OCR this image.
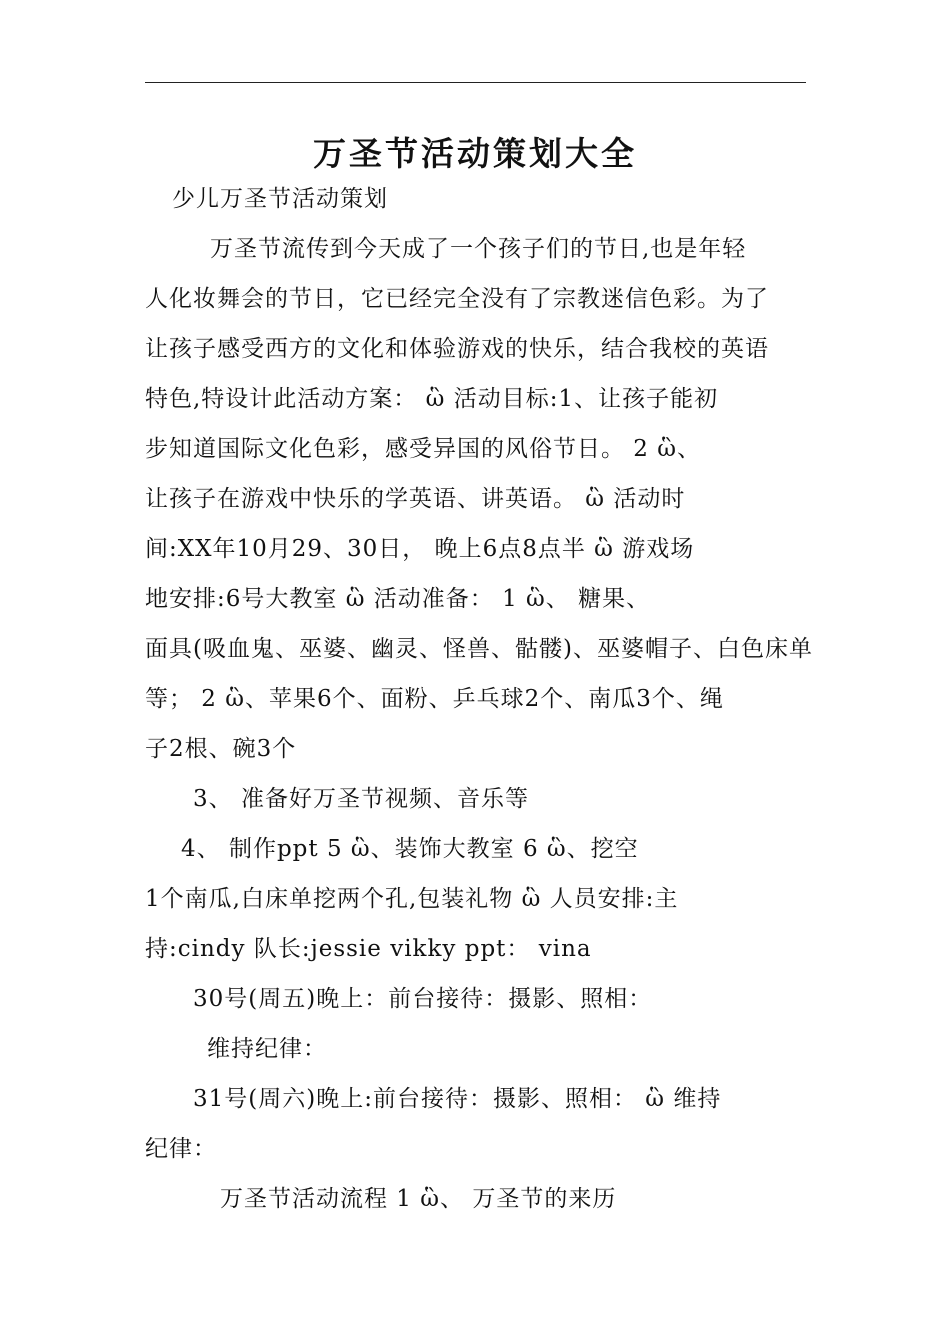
万圣节活动策划大全
少儿万圣节活动策划
万圣节流传到今天成了一个孩子们的节日,也是年轻
人化妆舞会的节日，它已经完全没有了宗教迷信色彩。为了
让孩子感受西方的文化和体验游戏的快乐，结合我校的英语
特色,特设计此活动方案： ὣ 活动目标:1、让孩子能初
步知道国际文化色彩，感受异国的风俗节日。 2 ὣ、
让孩子在游戏中快乐的学英语、讲英语。 ὣ 活动时
间:XX年10月29、30日， 晚上6点8点半 ὣ 游戏场
地安排:6号大教室 ὣ 活动准备： 1 ὣ、 糖果、
面具(吸血鬼、巫婆、幽灵、怪兽、骷髅)、巫婆帽子、白色床单
等； 2 ὣ、苹果6个、面粉、乒乓球2个、南瓜3个、绳
子2根、碗3个
3、 准备好万圣节视频、音乐等
4、 制作ppt 5 ὣ、装饰大教室 6 ὣ、挖空
1个南瓜,白床单挖两个孔,包装礼物 ὣ 人员安排:主
持:cindy 队长:jessie vikky ppt： vina
30号(周五)晚上：前台接待：摄影、照相：
维持纪律：
31号(周六)晚上:前台接待：摄影、照相： ὣ 维持
纪律：
万圣节活动流程 1 ὣ、 万圣节的来历
